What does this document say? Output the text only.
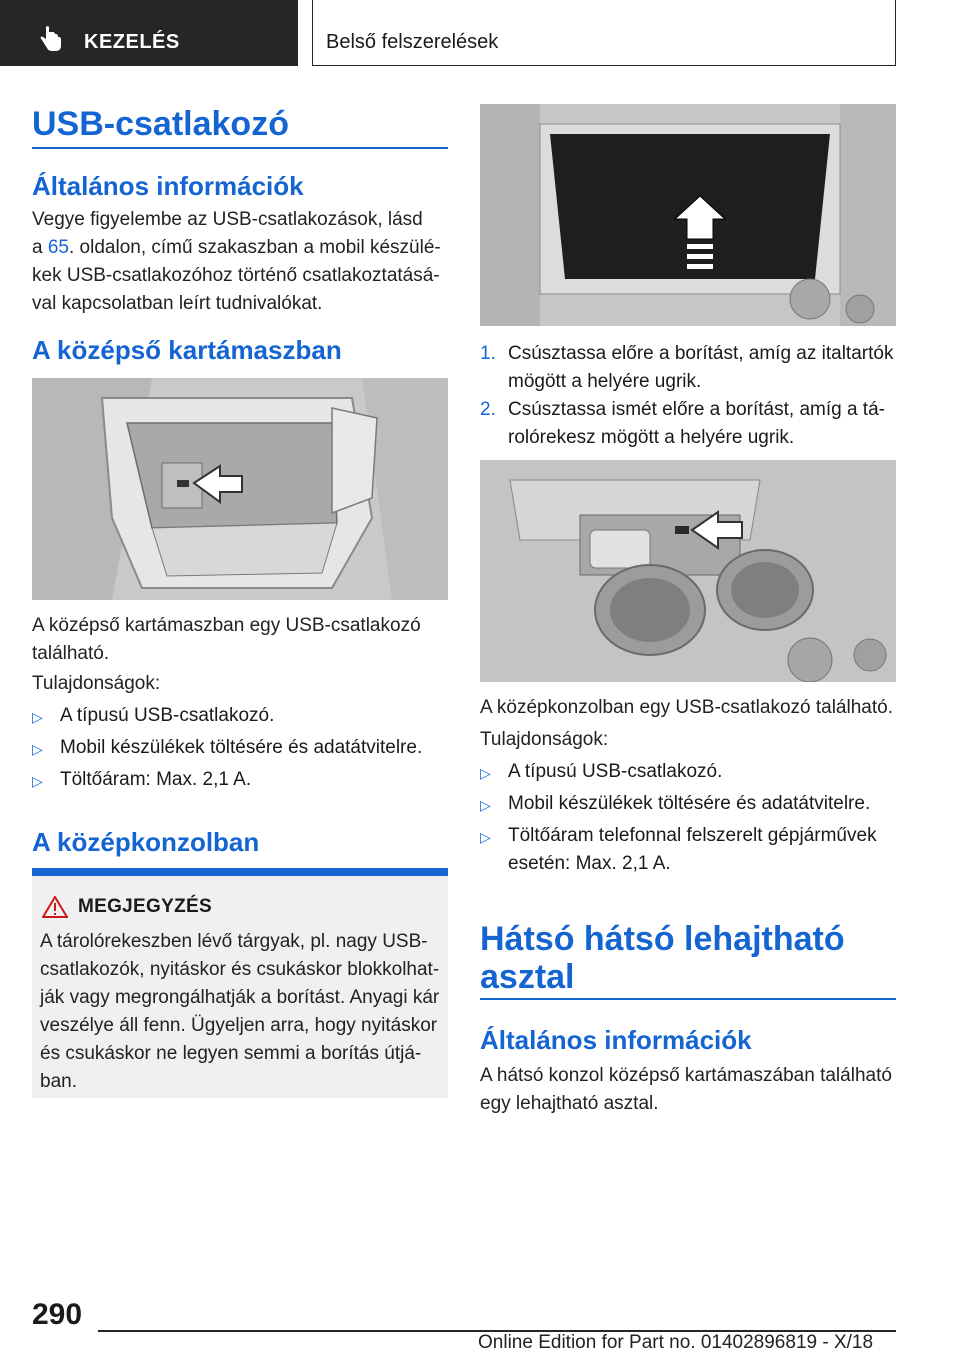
KEZELÉS	Belső felszerelések
USB-csatlakozó
Általános információk
Vegye figyelembe az USB-csatlakozások, lásd
a 65. oldalon, című szakaszban a mobil készülé-
kek USB-csatlakozóhoz történő csatlakoztatásá-
val kapcsolatban leírt tudnivalókat.
A középső kartámaszban
A középső kartámaszban egy USB-csatlakozó
található.
Tulajdonságok:
▷ A típusú USB-csatlakozó.
▷ Mobil készülékek töltésére és adatátvitelre.
▷ Töltőáram: Max. 2,1 A.
A középkonzolban
MEGJEGYZÉS
A tárolórekeszben lévő tárgyak, pl. nagy USB-
csatlakozók, nyitáskor és csukáskor blokkolhat-
ják vagy megrongálhatják a borítást. Anyagi kár
veszélye áll fenn. Ügyeljen arra, hogy nyitáskor
és csukáskor ne legyen semmi a borítás útjá-
ban.
1. Csúsztassa előre a borítást, amíg az italtartók
mögött a helyére ugrik.
2. Csúsztassa ismét előre a borítást, amíg a tá-
rolórekesz mögött a helyére ugrik.
A középkonzolban egy USB-csatlakozó található.
Tulajdonságok:
▷ A típusú USB-csatlakozó.
▷ Mobil készülékek töltésére és adatátvitelre.
▷ Töltőáram telefonnal felszerelt gépjárművek
esetén: Max. 2,1 A.
Hátsó hátsó lehajtható
asztal
Általános információk
A hátsó konzol középső kartámaszában található
egy lehajtható asztal.
290
Online Edition for Part no. 01402896819 - X/18
